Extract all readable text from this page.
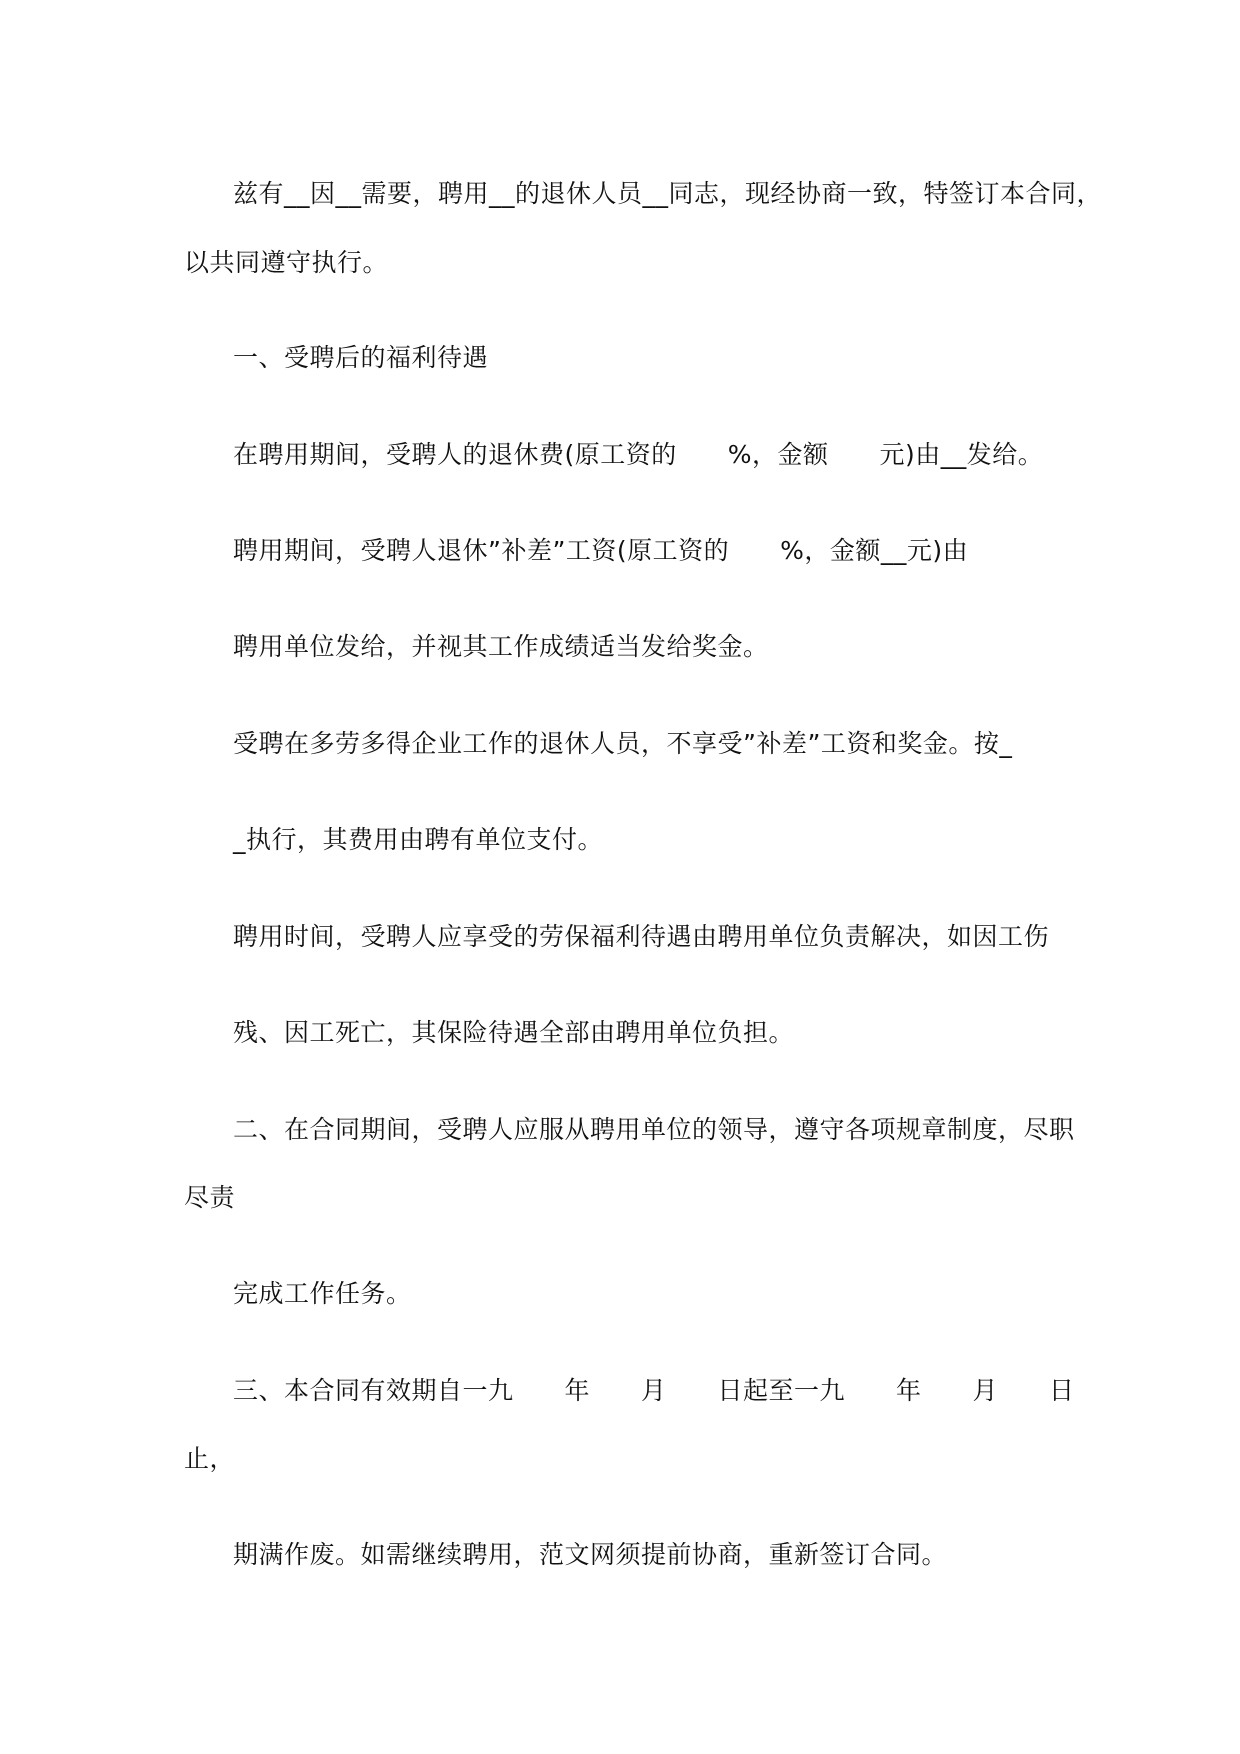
兹有__因__需要，聘用__的退休人员__同志，现经协商一致，特签订本合同，
以共同遵守执行。
一、受聘后的福利待遇
在聘用期间，受聘人的退休费(原工资的　　%，金额　　元)由__发给。
聘用期间，受聘人退休”补差”工资(原工资的　　%，金额__元)由
聘用单位发给，并视其工作成绩适当发给奖金。
受聘在多劳多得企业工作的退休人员，不享受”补差”工资和奖金。按_
_执行，其费用由聘有单位支付。
聘用时间，受聘人应享受的劳保福利待遇由聘用单位负责解决，如因工伤
残、因工死亡，其保险待遇全部由聘用单位负担。
二、在合同期间，受聘人应服从聘用单位的领导，遵守各项规章制度，尽职
尽责
完成工作任务。
三、本合同有效期自一九　　年　　月　　日起至一九　　年　　月　　日
止，
期满作废。如需继续聘用，范文网须提前协商，重新签订合同。
